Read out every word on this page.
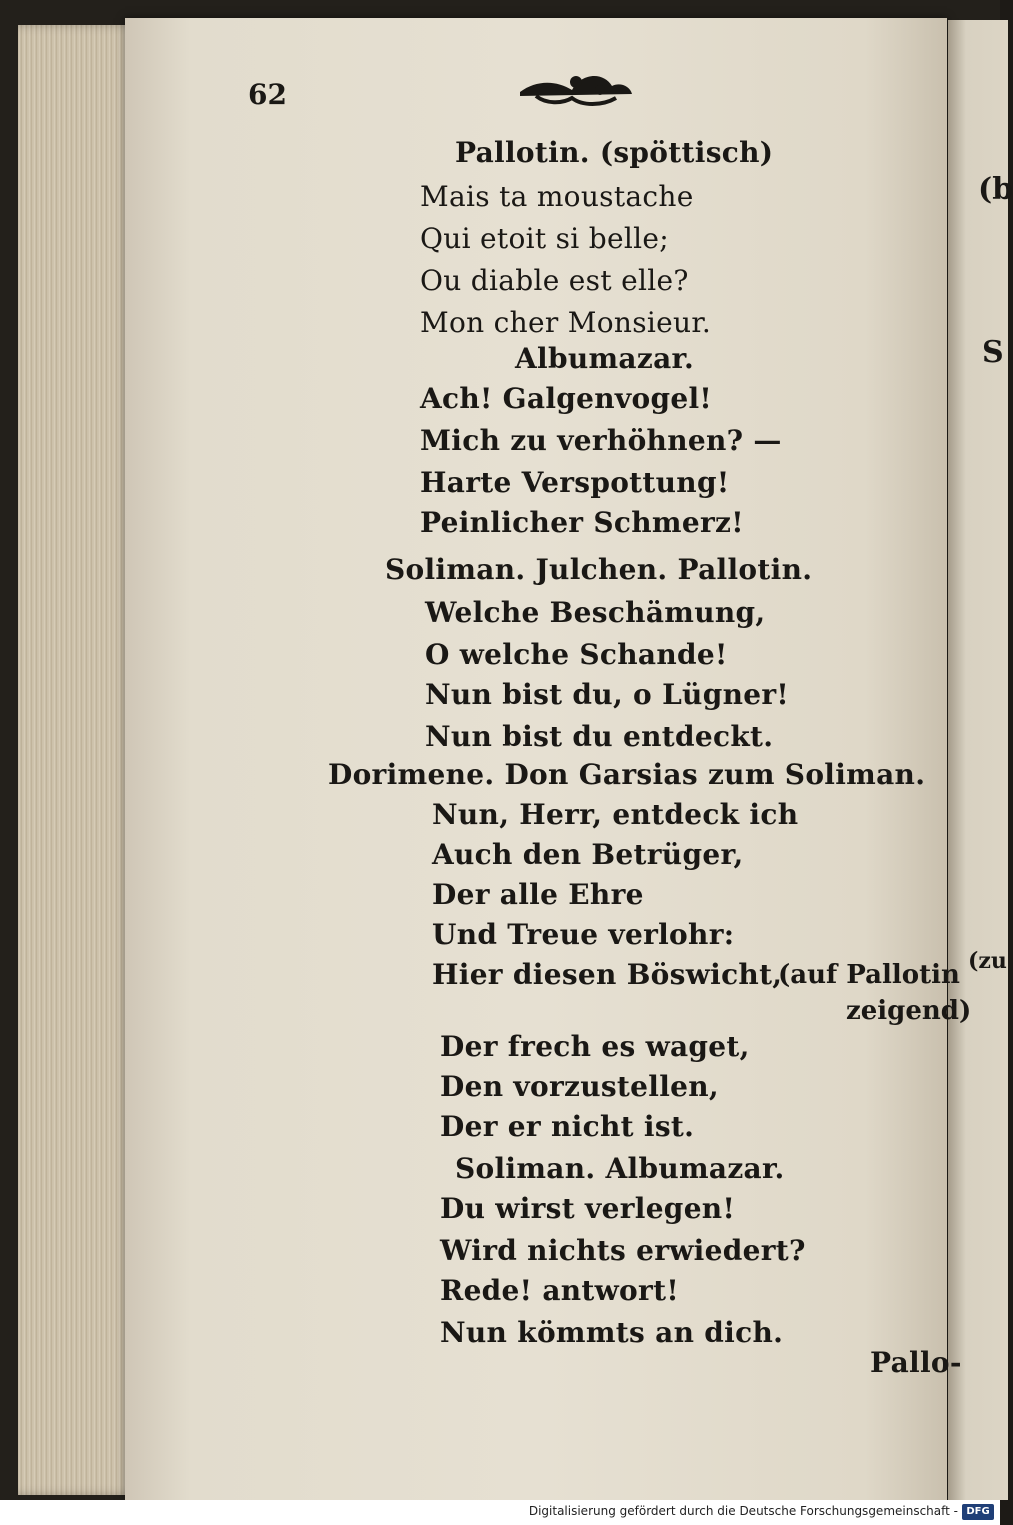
(b
S
(zu
62
Pallotin. (spöttisch)
Mais ta moustache
Qui etoit si belle;
Ou diable est elle?
Mon cher Monsieur.
Albumazar.
Ach! Galgenvogel!
Mich zu verhöhnen? —
Harte Verspottung!
Peinlicher Schmerz!
Soliman. Julchen. Pallotin.
Welche Beschämung,
O welche Schande!
Nun bist du, o Lügner!
Nun bist du entdeckt.
Dorimene. Don Garsias zum Soliman.
Nun, Herr, entdeck ich
Auch den Betrüger,
Der alle Ehre
Und Treue verlohr:
Hier diesen Böswicht,
(auf Pallotin
zeigend)
Der frech es waget,
Den vorzustellen,
Der er nicht ist.
Soliman. Albumazar.
Du wirst verlegen!
Wird nichts erwiedert?
Rede! antwort!
Nun kömmts an dich.
Pallo-
Digitalisierung gefördert durch die Deutsche Forschungsgemeinschaft - DFG
